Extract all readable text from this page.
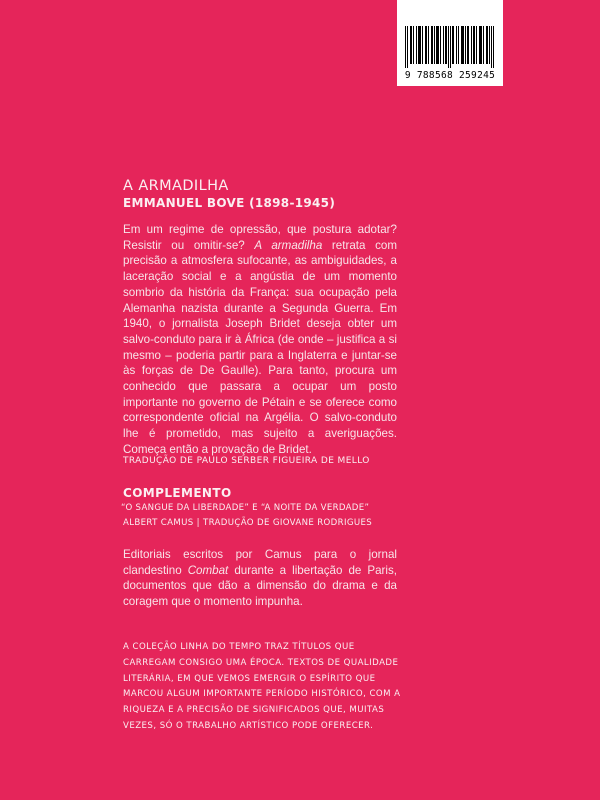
9 788568 259245
A ARMADILHA
EMMANUEL BOVE (1898-1945)
Em um regime de opressão, que postura adotar? Resistir ou omitir-se? A armadilha retrata com precisão a atmosfera sufocante, as ambiguidades, a laceração social e a angústia de um momento sombrio da história da França: sua ocupação pela Alemanha nazista durante a Segunda Guerra. Em 1940, o jornalista Joseph Bridet deseja obter um salvo-conduto para ir à África (de onde – justifica a si mesmo – poderia partir para a Inglaterra e juntar-se às forças de De Gaulle). Para tanto, procura um conhecido que passara a ocupar um posto importante no governo de Pétain e se oferece como correspondente oficial na Argélia. O salvo-conduto lhe é prometido, mas sujeito a averiguações. Começa então a provação de Bridet.
TRADUÇÃO DE PAULO SERBER FIGUEIRA DE MELLO
COMPLEMENTO
“O SANGUE DA LIBERDADE” E “A NOITE DA VERDADE”
ALBERT CAMUS | TRADUÇÃO DE GIOVANE RODRIGUES
Editoriais escritos por Camus para o jornal clandestino Combat durante a libertação de Paris, documentos que dão a dimensão do drama e da coragem que o momento impunha.
A COLEÇÃO LINHA DO TEMPO TRAZ TÍTULOS QUE CARREGAM CONSIGO UMA ÉPOCA. TEXTOS DE QUALIDADE LITERÁRIA, EM QUE VEMOS EMERGIR O ESPÍRITO QUE MARCOU ALGUM IMPORTANTE PERÍODO HISTÓRICO, COM A RIQUEZA E A PRECISÃO DE SIGNIFICADOS QUE, MUITAS VEZES, SÓ O TRABALHO ARTÍSTICO PODE OFERECER.
